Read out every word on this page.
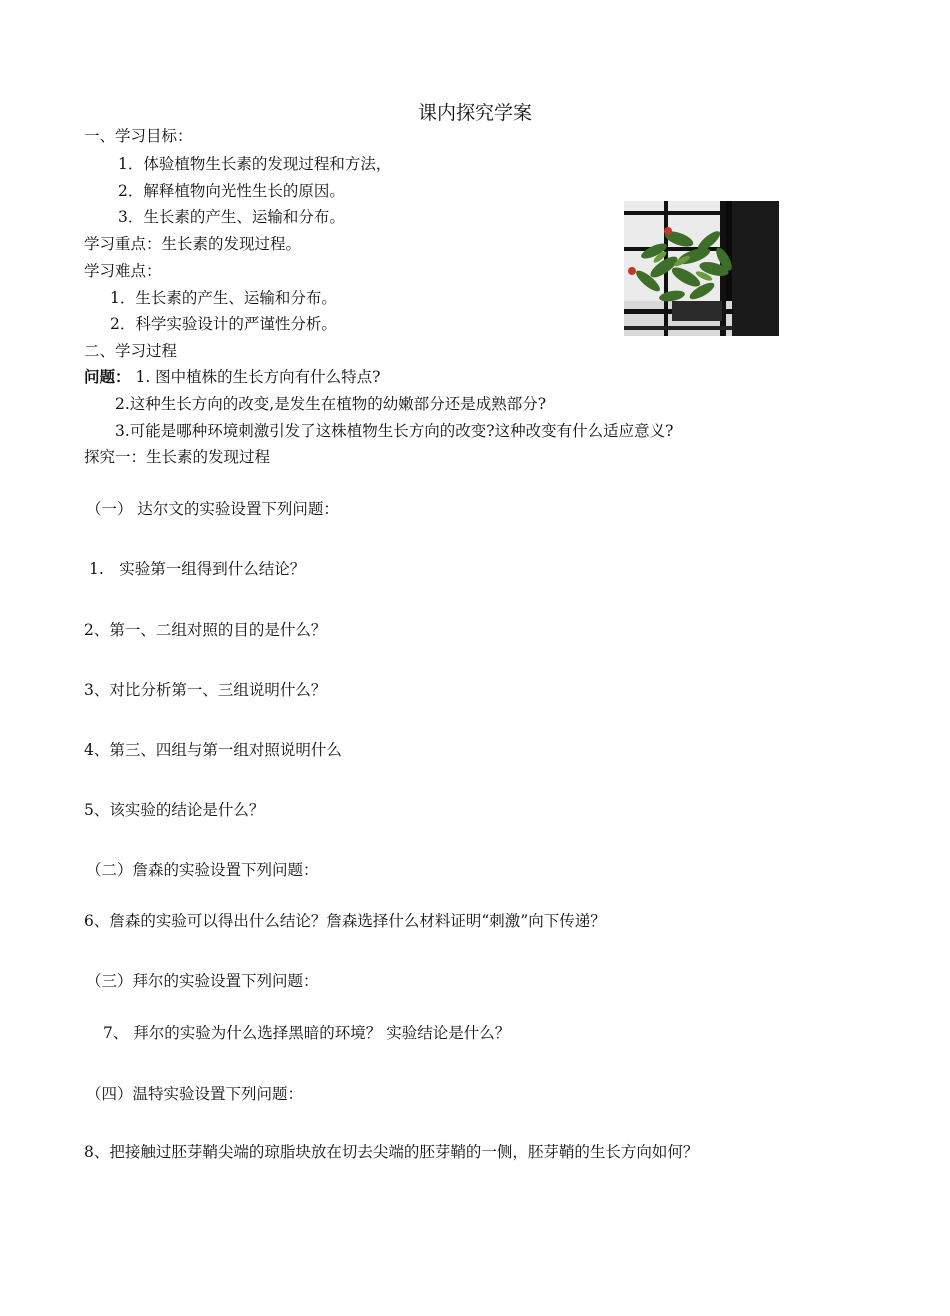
课内探究学案
一、学习目标：
1．体验植物生长素的发现过程和方法，
2．解释植物向光性生长的原因。
3．生长素的产生、运输和分布。
学习重点：生长素的发现过程。
学习难点：
1．生长素的产生、运输和分布。
2．科学实验设计的严谨性分析。
二、学习过程
问题： 1. 图中植株的生长方向有什么特点?
2.这种生长方向的改变,是发生在植物的幼嫩部分还是成熟部分?
3.可能是哪种环境刺激引发了这株植物生长方向的改变?这种改变有什么适应意义?
探究一：生长素的发现过程
（一） 达尔文的实验设置下列问题：
1.　实验第一组得到什么结论？
2、第一、二组对照的目的是什么？
3、对比分析第一、三组说明什么？
4、第三、四组与第一组对照说明什么
5、该实验的结论是什么？
（二）詹森的实验设置下列问题：
6、詹森的实验可以得出什么结论？詹森选择什么材料证明“刺激”向下传递？
（三）拜尔的实验设置下列问题：
7、 拜尔的实验为什么选择黑暗的环境？ 实验结论是什么？
（四）温特实验设置下列问题：
8、把接触过胚芽鞘尖端的琼脂块放在切去尖端的胚芽鞘的一侧，胚芽鞘的生长方向如何？
